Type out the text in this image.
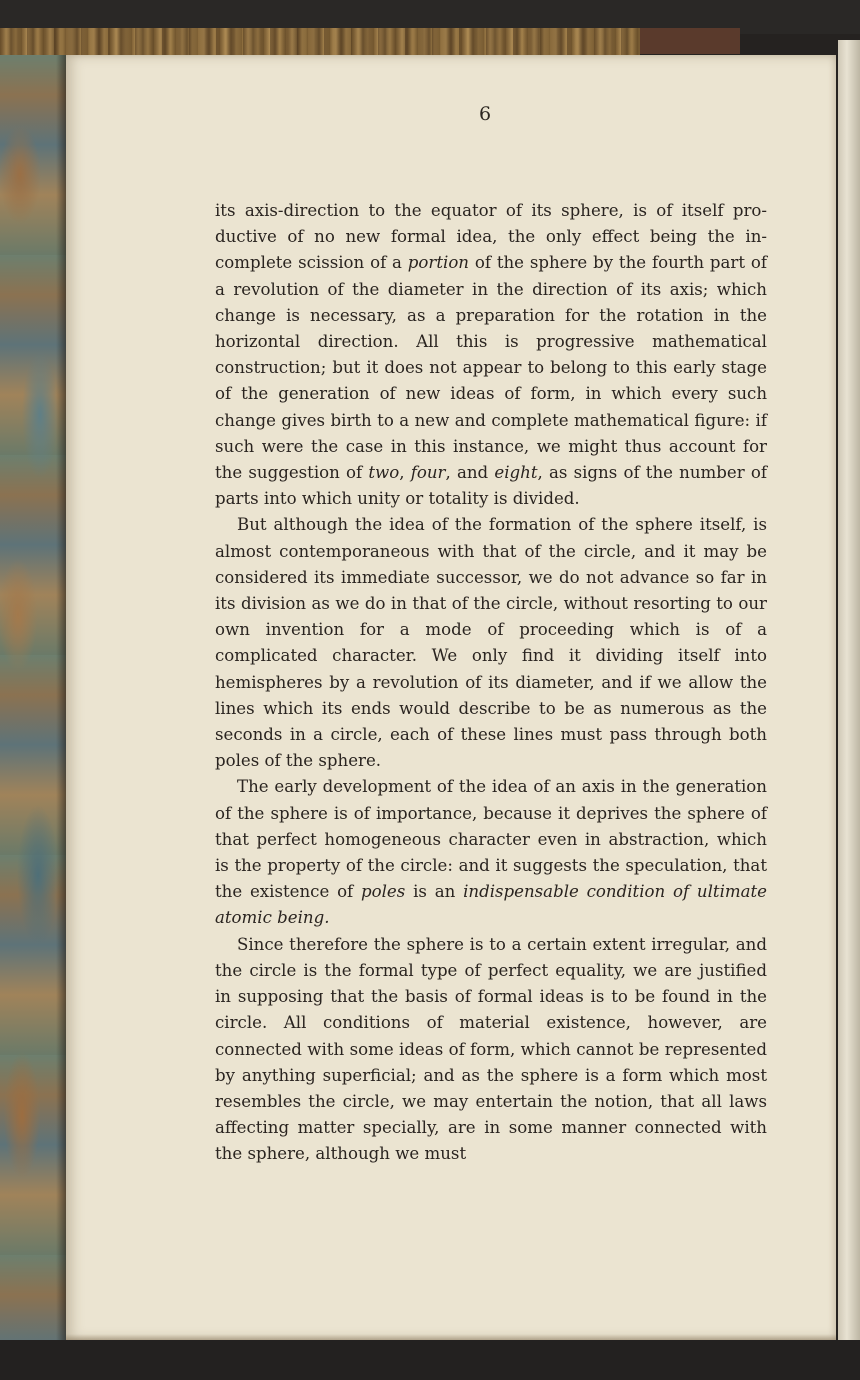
6

its axis-direction to the equator of its sphere, is of itself productive of no new formal idea, the only effect being the incomplete scission of a portion of the sphere by the fourth part of a revolution of the diameter in the direction of its axis; which change is necessary, as a preparation for the rotation in the horizontal direction. All this is progressive mathematical construction; but it does not appear to belong to this early stage of the generation of new ideas of form, in which every such change gives birth to a new and complete mathematical figure: if such were the case in this instance, we might thus account for the suggestion of two, four, and eight, as signs of the number of parts into which unity or totality is divided.

But although the idea of the formation of the sphere itself, is almost contemporaneous with that of the circle, and it may be considered its immediate successor, we do not advance so far in its division as we do in that of the circle, without resorting to our own invention for a mode of proceeding which is of a complicated character. We only find it dividing itself into hemispheres by a revolution of its diameter, and if we allow the lines which its ends would describe to be as numerous as the seconds in a circle, each of these lines must pass through both poles of the sphere.

The early development of the idea of an axis in the generation of the sphere is of importance, because it deprives the sphere of that perfect homogeneous character even in abstraction, which is the property of the circle: and it suggests the speculation, that the existence of poles is an indispensable condition of ultimate atomic being.

Since therefore the sphere is to a certain extent irregular, and the circle is the formal type of perfect equality, we are justified in supposing that the basis of formal ideas is to be found in the circle. All conditions of material existence, however, are connected with some ideas of form, which cannot be represented by anything superficial; and as the sphere is a form which most resembles the circle, we may entertain the notion, that all laws affecting matter specially, are in some manner connected with the sphere, although we must
